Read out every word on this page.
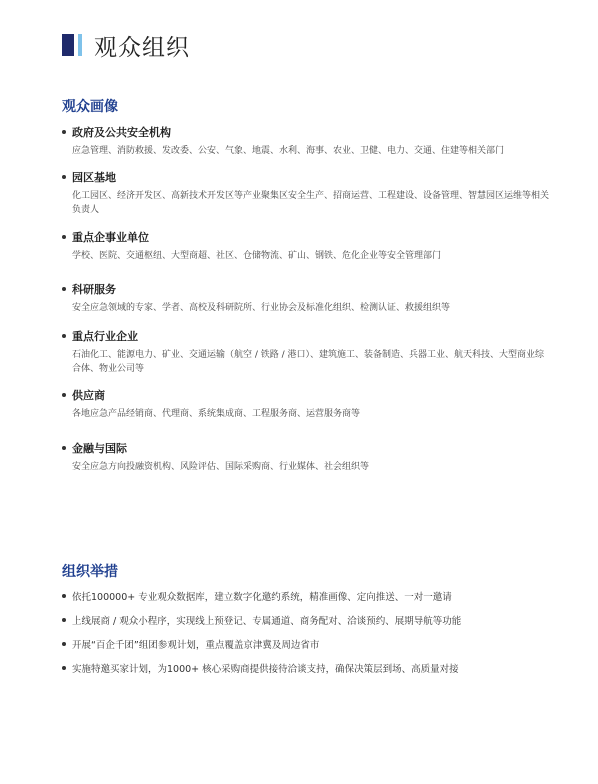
观众组织
观众画像
政府及公共安全机构
应急管理、消防救援、发改委、公安、气象、地震、水利、海事、农业、卫健、电力、交通、住建等相关部门
园区基地
化工园区、经济开发区、高新技术开发区等产业聚集区安全生产、招商运营、工程建设、设备管理、智慧园区运维等相关负责人
重点企事业单位
学校、医院、交通枢纽、大型商超、社区、仓储物流、矿山、钢铁、危化企业等安全管理部门
科研服务
安全应急领域的专家、学者、高校及科研院所、行业协会及标准化组织、检测认证、救援组织等
重点行业企业
石油化工、能源电力、矿业、交通运输（航空 / 铁路 / 港口）、建筑施工、装备制造、兵器工业、航天科技、大型商业综合体、物业公司等
供应商
各地应急产品经销商、代理商、系统集成商、工程服务商、运营服务商等
金融与国际
安全应急方向投融资机构、风险评估、国际采购商、行业媒体、社会组织等
组织举措
依托100000+ 专业观众数据库，建立数字化邀约系统，精准画像、定向推送、一对一邀请
上线展商 / 观众小程序，实现线上预登记、专属通道、商务配对、洽谈预约、展期导航等功能
开展“百企千团”组团参观计划，重点覆盖京津冀及周边省市
实施特邀买家计划，为1000+ 核心采购商提供接待洽谈支持，确保决策层到场、高质量对接
